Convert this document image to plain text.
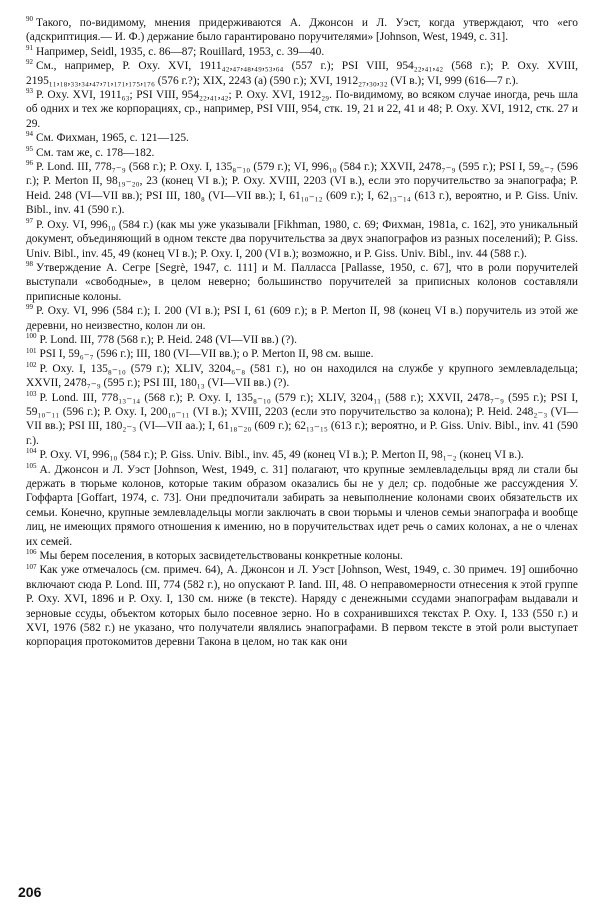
$^{90}$ Такого, по-видимому, мнения придерживаются А. Джонсон и Л. Уэст, когда утверждают, что «его (адскриптиция.— И. Ф.) держание было гарантировано поручителями» [Johnson, West, 1949, с. 31].

$^{91}$ Например, Seidl, 1935, с. 86—87; Rouillard, 1953, с. 39—40.

$^{92}$ См., например, P. Oxy. XVI, 1911₄₂,₄₇,₄₈,₄₉,₅₃,₆₄ (557 г.); PSI VIII, 954₂₂,₄₁,₄₂ (568 г.); P. Oxy. XVIII, 2195₁₁,₁₈,₃₃,₃₄,₄₇,₇₁,₁₇₁,₁₇₅,₁₇₆ (576 г.?); XIX, 2243 (а) (590 г.); XVI, 1912₂₇,₃₀,₃₂ (VI в.); VI, 999 (616—7 г.).

$^{93}$ P. Oxy. XVI, 1911₆₃; PSI VIII, 954₂₂,₄₁,₄₂; P. Oxy. XVI, 1912₂₉. По-видимому, во всяком случае иногда, речь шла об одних и тех же корпорациях, ср., например, PSI VIII, 954, стк. 19, 21 и 22, 41 и 48; P. Oxy. XVI, 1912, стк. 27 и 29.

$^{94}$ См. Фихман, 1965, с. 121—125.

$^{95}$ См. там же, с. 178—182.

$^{96}$ P. Lond. III, 778₇₋₉ (568 г.); P. Oxy. I, 135₈₋₁₀ (579 г.); VI, 996₁₀ (584 г.); XXVII, 2478₇₋₉ (595 г.); PSI I, 59₆₋₇ (596 г.); P. Merton II, 98₁₉₋₂₀, 23 (конец VI в.); P. Oxy. XVIII, 2203 (VI в.), если это поручительство за энапографа; P. Heid. 248 (VI—VII вв.); PSI III, 180₈ (VI—VII вв.); I, 61₁₀₋₁₂ (609 г.); I, 62₁₃₋₁₄ (613 г.), вероятно, и P. Giss. Univ. Bibl., inv. 41 (590 г.).

$^{97}$ P. Oxy. VI, 996₁₀ (584 г.) (как мы уже указывали [Fikhman, 1980, с. 69; Фихман, 1981а, с. 162], это уникальный документ, объединяющий в одном тексте два поручительства за двух энапографов из разных поселений); P. Giss. Univ. Bibl., inv. 45, 49 (конец VI в.); P. Oxy. I, 200 (VI в.); возможно, и P. Giss. Univ. Bibl., inv. 44 (588 г.).

$^{98}$ Утверждение А. Сегре [Segrè, 1947, с. 111] и М. Палласса [Pallasse, 1950, с. 67], что в роли поручителей выступали «свободные», в целом неверно; большинство поручителей за приписных колонов составляли приписные колоны.

$^{99}$ P. Oxy. VI, 996 (584 г.); I. 200 (VI в.); PSI I, 61 (609 г.); в P. Merton II, 98 (конец VI в.) поручитель из этой же деревни, но неизвестно, колон ли он.

$^{100}$ P. Lond. III, 778 (568 г.); P. Heid. 248 (VI—VII вв.) (?).

$^{101}$ PSI I, 59₆₋₇ (596 г.); III, 180 (VI—VII вв.); о P. Merton II, 98 см. выше.

$^{102}$ P. Oxy. I, 135₈₋₁₀ (579 г.); XLIV, 3204₆₋₈ (581 г.), но он находился на службе у крупного землевладельца; XXVII, 2478₇₋₉ (595 г.); PSI III, 180₁₃ (VI—VII вв.) (?).

$^{103}$ P. Lond. III, 778₁₃₋₁₄ (568 г.); P. Oxy. I, 135₈₋₁₀ (579 г.); XLIV, 3204₁₁ (588 г.); XXVII, 2478₇₋₉ (595 г.); PSI I, 59₁₀₋₁₁ (596 г.); P. Oxy. I, 200₁₀₋₁₁ (VI в.); XVIII, 2203 (если это поручительство за колона); P. Heid. 248₂₋₃ (VI—VII вв.); PSI III, 180₂₋₃ (VI—VII аа.); I, 61₁₈₋₂₀ (609 г.); 62₁₃₋₁₅ (613 г.); вероятно, и P. Giss. Univ. Bibl., inv. 41 (590 г.).

$^{104}$ P. Oxy. VI, 996₁₀ (584 г.); P. Giss. Univ. Bibl., inv. 45, 49 (конец VI в.); P. Merton II, 98₁₋₂ (конец VI в.).

$^{105}$ А. Джонсон и Л. Уэст [Johnson, West, 1949, с. 31] полагают, что крупные землевладельцы вряд ли стали бы держать в тюрьме колонов, которые таким образом оказались бы не у дел; ср. подобные же рассуждения У. Гоффарта [Goffart, 1974, с. 73]. Они предпочитали забирать за невыполнение колонами своих обязательств их семьи. Конечно, крупные землевладельцы могли заключать в свои тюрьмы и членов семьи энапографа и вообще лиц, не имеющих прямого отношения к имению, но в поручительствах идет речь о самих колонах, а не о членах их семей.

$^{106}$ Мы берем поселения, в которых засвидетельствованы конкретные колоны.

$^{107}$ Как уже отмечалось (см. примеч. 64), А. Джонсон и Л. Уэст [Johnson, West, 1949, с. 30 примеч. 19] ошибочно включают сюда P. Lond. III, 774 (582 г.), но опускают P. Iand. III, 48. О неправомерности отнесения к этой группе P. Oxy. XVI, 1896 и P. Oxy. I, 130 см. ниже (в тексте). Наряду с денежными ссудами энапографам выдавали и зерновые ссуды, объектом которых было посевное зерно. Но в сохранившихся текстах P. Oxy. I, 133 (550 г.) и XVI, 1976 (582 г.) не указано, что получатели являлись энапографами. В первом тексте в этой роли выступает корпорация протокомитов деревни Такона в целом, но так как они

206
